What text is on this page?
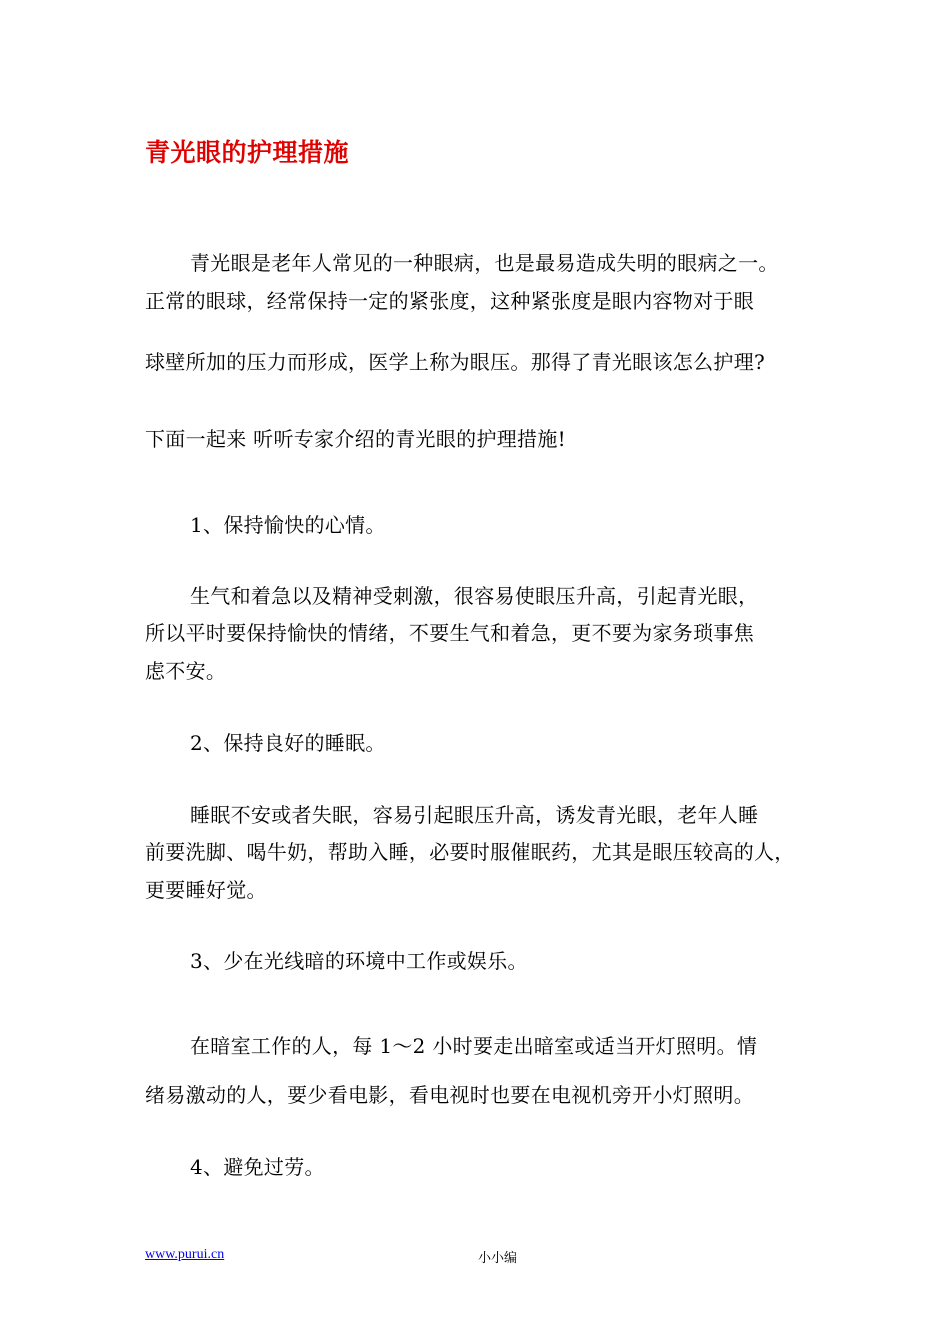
青光眼的护理措施
青光眼是老年人常见的一种眼病，也是最易造成失明的眼病之一。
正常的眼球，经常保持一定的紧张度，这种紧张度是眼内容物对于眼
球壁所加的压力而形成，医学上称为眼压。那得了青光眼该怎么护理?
下面一起来 听听专家介绍的青光眼的护理措施!
1、保持愉快的心情。
生气和着急以及精神受刺激，很容易使眼压升高，引起青光眼，
所以平时要保持愉快的情绪，不要生气和着急，更不要为家务琐事焦
虑不安。
2、保持良好的睡眠。
睡眠不安或者失眠，容易引起眼压升高，诱发青光眼，老年人睡
前要洗脚、喝牛奶，帮助入睡，必要时服催眠药，尤其是眼压较高的人，
更要睡好觉。
3、少在光线暗的环境中工作或娱乐。
在暗室工作的人，每 1～2 小时要走出暗室或适当开灯照明。情
绪易激动的人，要少看电影，看电视时也要在电视机旁开小灯照明。
4、避免过劳。
www.purui.cn	小小编
